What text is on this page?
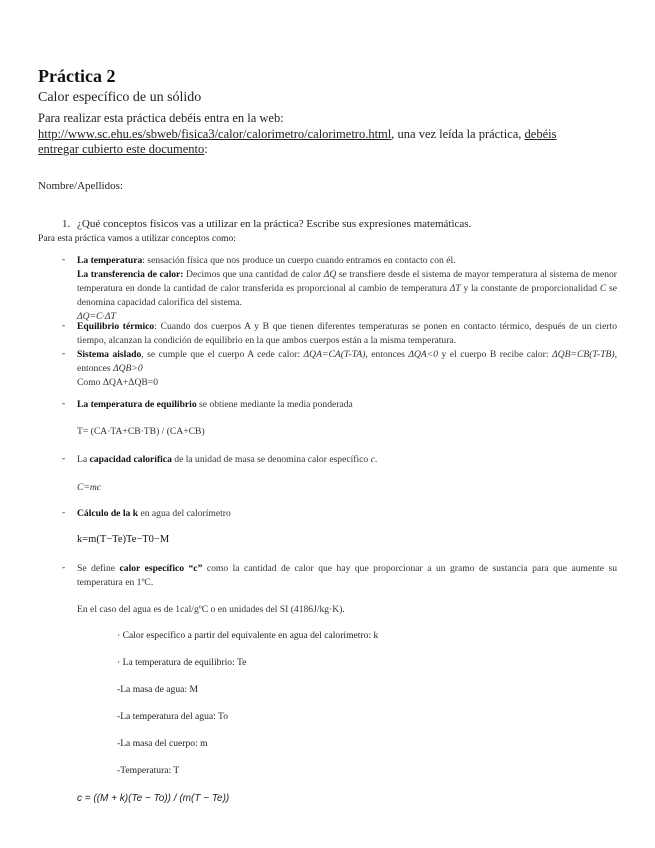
Práctica 2
Calor específico de un sólido
Para realizar esta práctica debéis entra en la web:
http://www.sc.ehu.es/sbweb/fisica3/calor/calorimetro/calorimetro.html, una vez leída la práctica, debéis
entregar cubierto este documento:
Nombre/Apellidos:
1. ¿Qué conceptos físicos vas a utilizar en la práctica? Escribe sus expresiones matemáticas.
Para esta práctica vamos a utilizar conceptos como:
- La temperatura: sensación física que nos produce un cuerpo cuando entramos en contacto con él.
La transferencia de calor: Decimos que una cantidad de calor ΔQ se transfiere desde el sistema de mayor temperatura al sistema de menor temperatura en donde la cantidad de calor transferida es proporcional al cambio de temperatura ΔT y la constante de proporcionalidad C se denomina capacidad calorífica del sistema.
ΔQ=C·ΔT
- Equilibrio térmico: Cuando dos cuerpos A y B que tienen diferentes temperaturas se ponen en contacto térmico, después de un cierto tiempo, alcanzan la condición de equilibrio en la que ambos cuerpos están a la misma temperatura.
- Sistema aislado, se cumple que el cuerpo A cede calor: ΔQA=CA(T-TA), entonces ΔQA<0 y el cuerpo B recibe calor: ΔQB=CB(T-TB), entonces ΔQB>0
Como ΔQA+ΔQB=0
- La temperatura de equilibrio se obtiene mediante la media ponderada
T= (CA·TA+CB·TB) / (CA+CB)
- La capacidad calorífica de la unidad de masa se denomina calor específico c.
C=mc
- Cálculo de la k en agua del calorímetro
k=m(T−Te)Te−T0−M
- Se define calor específico “c” como la cantidad de calor que hay que proporcionar a un gramo de sustancia para que aumente su temperatura en 1ºC.
En el caso del agua es de 1cal/gºC o en unidades del SI (4186J/kg·K).
· Calor específico a partir del equivalente en agua del calorímetro: k
· La temperatura de equilibrio: Te
-La masa de agua: M
-La temperatura del agua: To
-La masa del cuerpo: m
-Temperatura: T
c = ((M + k)(Te − To)) / (m(T − Te))
